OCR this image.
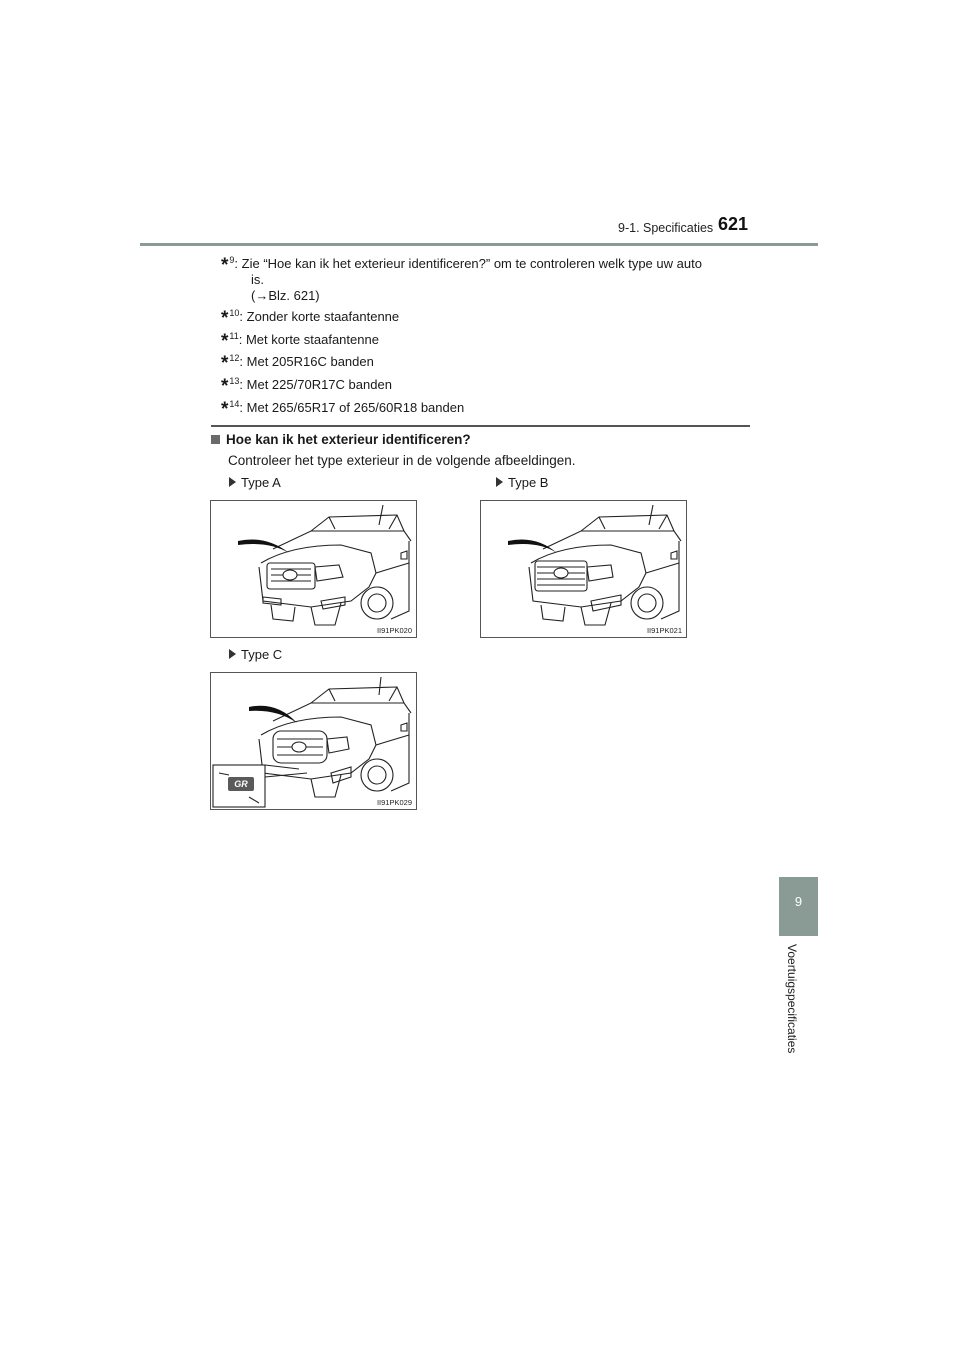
9-1. Specificaties 621
*$^9$: Zie “Hoe kan ik het exterieur identificeren?” om te controleren welk type uw auto
is.
(→Blz. 621)
*$^{10}$: Zonder korte staafantenne
*$^{11}$: Met korte staafantenne
*$^{12}$: Met 205R16C banden
*$^{13}$: Met 225/70R17C banden
*$^{14}$: Met 265/65R17 of 265/60R18 banden
Hoe kan ik het exterieur identificeren?
Controleer het type exterieur in de volgende afbeeldingen.
Type A	Type B
Type C
II91PK020	II91PK021
GR
II91PK029
9
Voertuigspecificaties
